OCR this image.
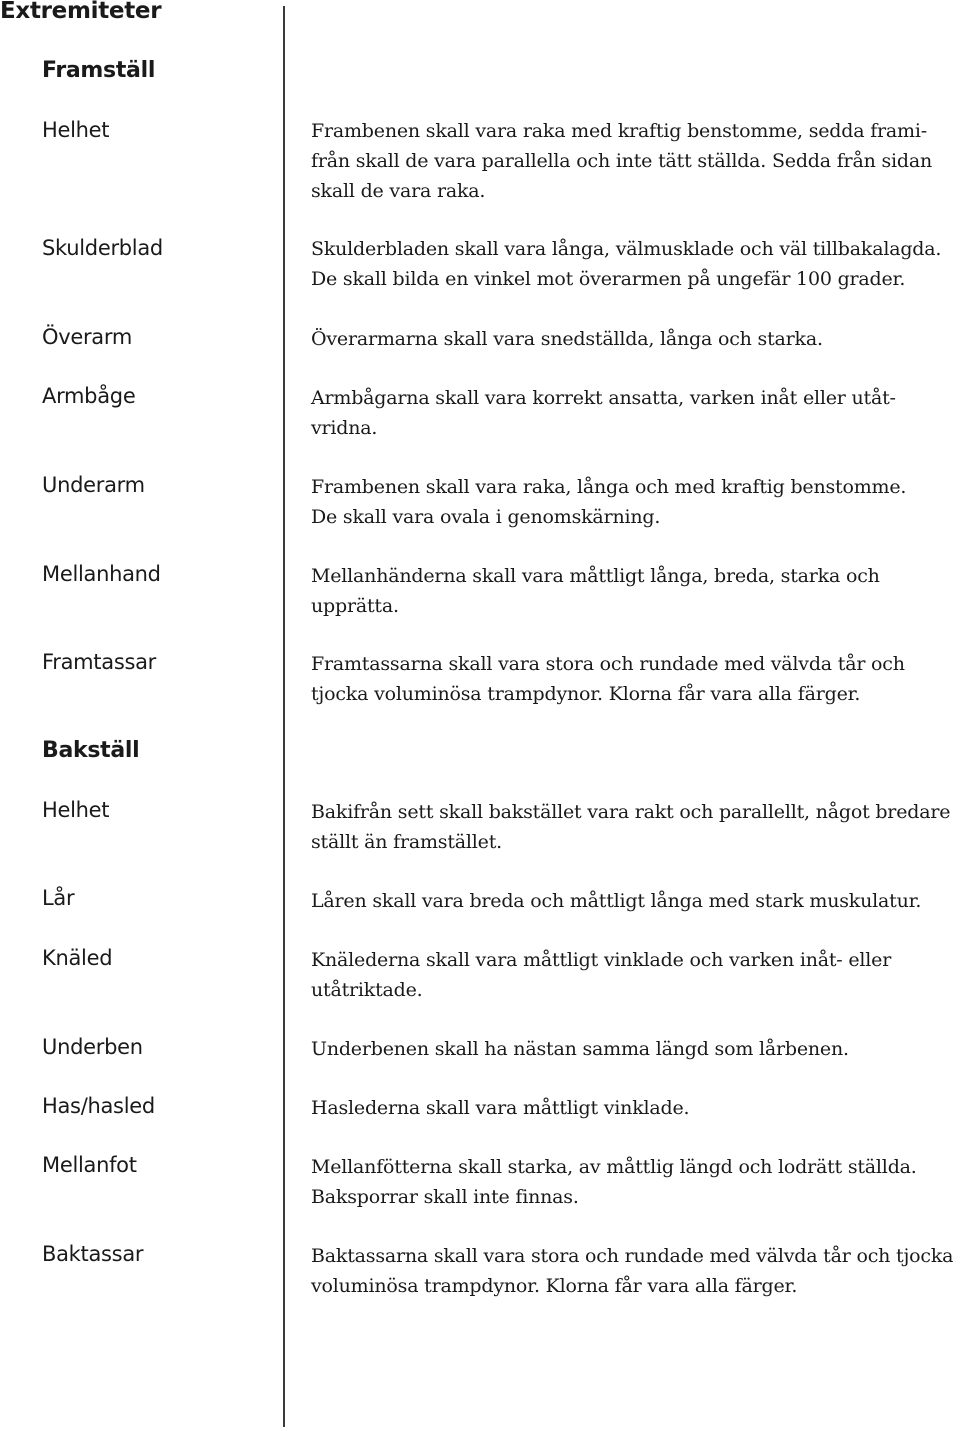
Extremiteter
Framställ
Helhet	Frambenen skall vara raka med kraftig benstomme, sedda frami-
från skall de vara parallella och inte tätt ställda. Sedda från sidan
skall de vara raka.
Skulderblad	Skulderbladen skall vara långa, välmusklade och väl tillbakalagda.
De skall bilda en vinkel mot överarmen på ungefär 100 grader.
Överarm	Överarmarna skall vara snedställda, långa och starka.
Armbåge	Armbågarna skall vara korrekt ansatta, varken inåt eller utåt-
vridna.
Underarm	Frambenen skall vara raka, långa och med kraftig benstomme.
De skall vara ovala i genomskärning.
Mellanhand	Mellanhänderna skall vara måttligt långa, breda, starka och
upprätta.
Framtassar	Framtassarna skall vara stora och rundade med välvda tår och
tjocka voluminösa trampdynor. Klorna får vara alla färger.
Bakställ
Helhet	Bakifrån sett skall bakstället vara rakt och parallellt, något bredare
ställt än framstället.
Lår	Låren skall vara breda och måttligt långa med stark muskulatur.
Knäled	Knälederna skall vara måttligt vinklade och varken inåt- eller
utåtriktade.
Underben	Underbenen skall ha nästan samma längd som lårbenen.
Has/hasled	Haslederna skall vara måttligt vinklade.
Mellanfot	Mellanfötterna skall starka, av måttlig längd och lodrätt ställda.
Baksporrar skall inte finnas.
Baktassar	Baktassarna skall vara stora och rundade med välvda tår och tjocka
voluminösa trampdynor. Klorna får vara alla färger.
